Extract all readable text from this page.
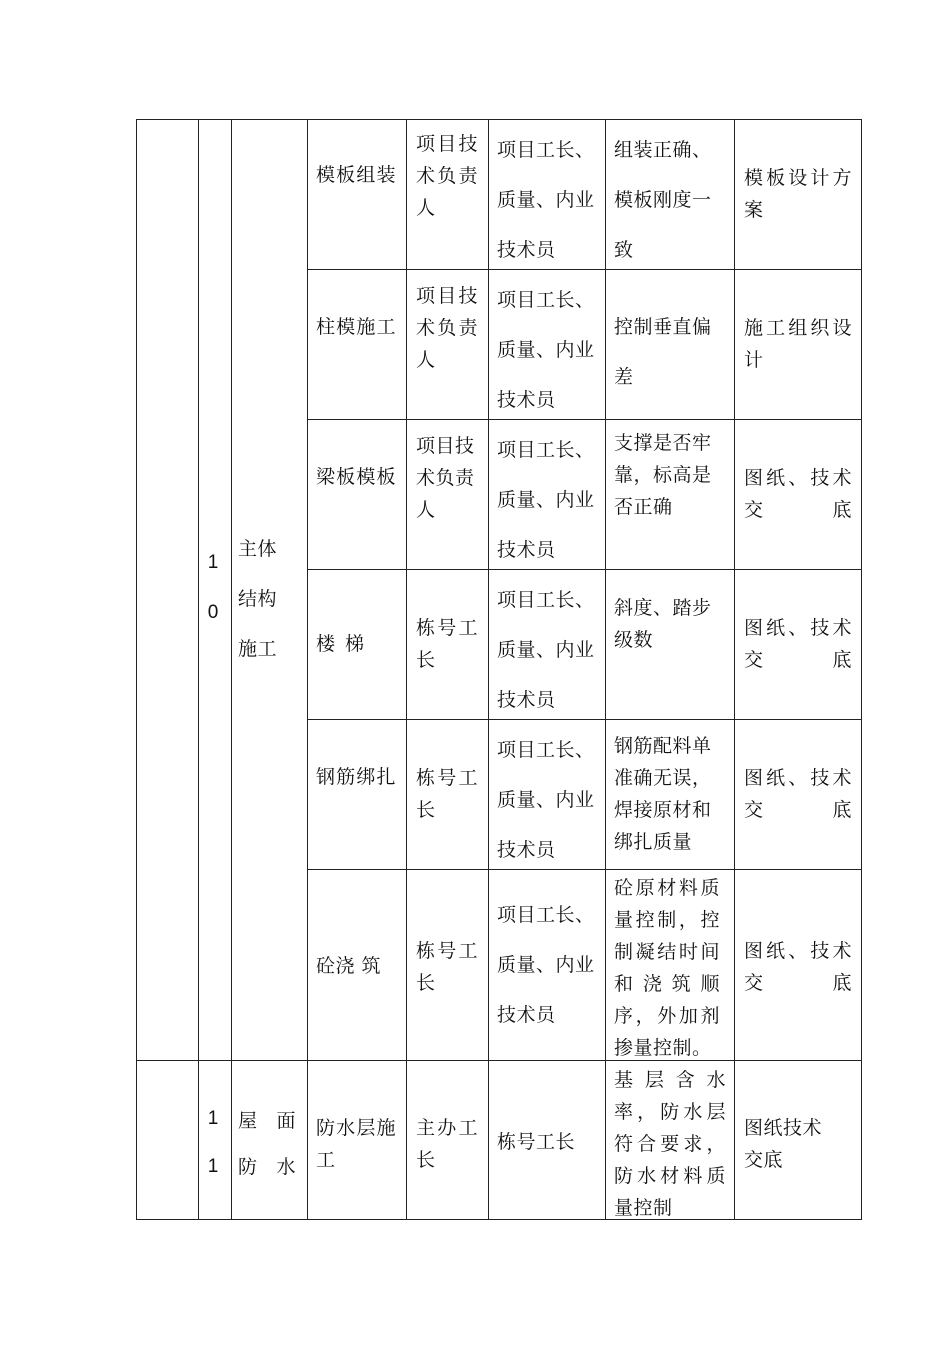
1
0
主体结构施工
模板组装
项目技术负责人
项目工长、质量、内业技术员
组装正确、模板刚度一致
模板设计方案
柱模施工
项目技术负责人
项目工长、质量、内业技术员
控制垂直偏差
施工组织设计
梁板模板
项目技术负责人
项目工长、质量、内业技术员
支撑是否牢靠，标高是否正确
图纸、技术交底
楼梯
栋号工长
项目工长、质量、内业技术员
斜度、踏步级数
图纸、技术交底
钢筋绑扎 栋号工长
项目工长、质量、内业技术员
钢筋配料单准确无误，焊接原材和绑扎质量
图纸、技术交底
砼浇 筑
栋号工长
项目工长、质量、内业技术员
砼原材料质量控制，控制凝结时间和浇筑顺序，外加剂掺量控制。
图纸、技术交底
1
1
屋面防水
防水层施工
主办工长
栋号工长
基层含水率，防水层符合要求，防水材料质量控制
图纸技术交底
